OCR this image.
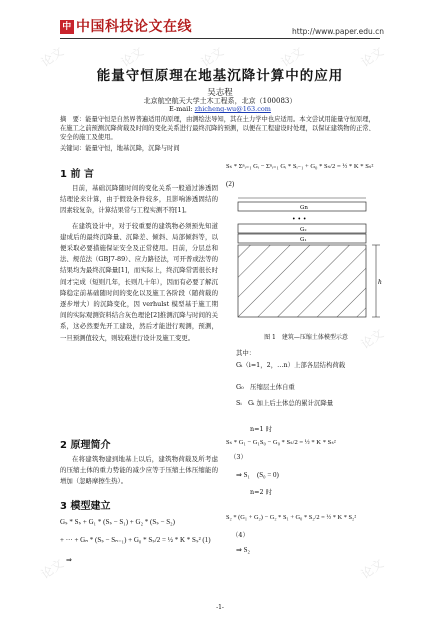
中 中国科技论文在线	http://www.paper.edu.cn
论文	论文	论文	论文	论文
论文
论文	论文
能量守恒原理在地基沉降计算中的应用
吴志程
北京航空航天大学土木工程系，北京（100083）
E-mail: zhicheng-wu@163.com
摘　要：能量守恒是自然界普遍适用的原理，由测绘法导知，其在土力学中也应适用。本文尝试用能量守恒原理，在施工之前预测沉降荷载及时间的变化关系进行最终沉降的预测，以便在工程建设时处理，以保证建筑物的正常、安全的施工及使用。
关键词：能量守恒，地基沉降，沉降与时间
1 前 言

目前，基础沉降随时间的变化关系一般通过渗透固结理论来计算，由于假设条件较多，且影响渗透固结的因素较复杂，计算结果常与工程实测不符[1]。

在建筑设计中，对于较重要的建筑物必须预先知道建成后的最终沉降量、沉降差、倾斜、局部倾斜等，以便采取必要措施保证安全及正常使用。目前，分层总和法、规范法（GBJ7-89）、应力路径法，可开普或法等的结果均为最终沉降量[1]，而实际上，终沉降常需很长时间才完成（短则几年，长则几十年），因而有必要了解沉降稳定前基础随时间的变化以及施工各阶段（随荷载的逐步增大）的沉降变化，因 verhulst 模型基于施工期间的实际观测资料结合灰色理论[2]推测沉降与时间的关系，这必然要先开工建设，然后才能进行观测，预测，一旦预测值较大，则较难进行设计及施工变更。

2 原理简介

在将建筑物建到地基上以后，建筑物荷载及所考虑的压缩土体的重力势能的减少应等于压缩土体压缩能的增加（忽略摩擦生热）。

3 模型建立
Gₛ * Sₛ + G₁ * (Sₛ − S₁) + G₂ * (Sₛ − S₂)
+ ··· + Gₙ * (Sₛ − Sₙ₋₁) + G₀ * Sₛ/2 = ½ * K * Sₛ² (1)
⇒
Sₛ * Σⁿᵢ₌₁ Gᵢ − Σⁿᵢ₌₁ Gᵢ * Sᵢ₋₁ + G₀ * Sₛ/2 = ½ * K * Sₛ²
(2)
Gn
• • •
G₂
G₁
h
图 1　建筑—压缩土体模型示意
其中：
Gᵢ（i=1，2，…n）上部各层结构荷载
G₀　压缩层土体自重
Sᵢ　Gᵢ 加上后土体总的累计沉降量
n=1 时
Sₛ * G₁ − G₁S₀ − G₀ * Sₛ/2 = ½ * K * Sₛ²
（3）
⇒ S₁　(S₀ = 0)
n=2 时
S₂ * (G₁ + G₂) − G₂ * S₁ + G₀ * S₂/2 = ½ * K * S₂²
（4）
⇒ S₂
-1-
